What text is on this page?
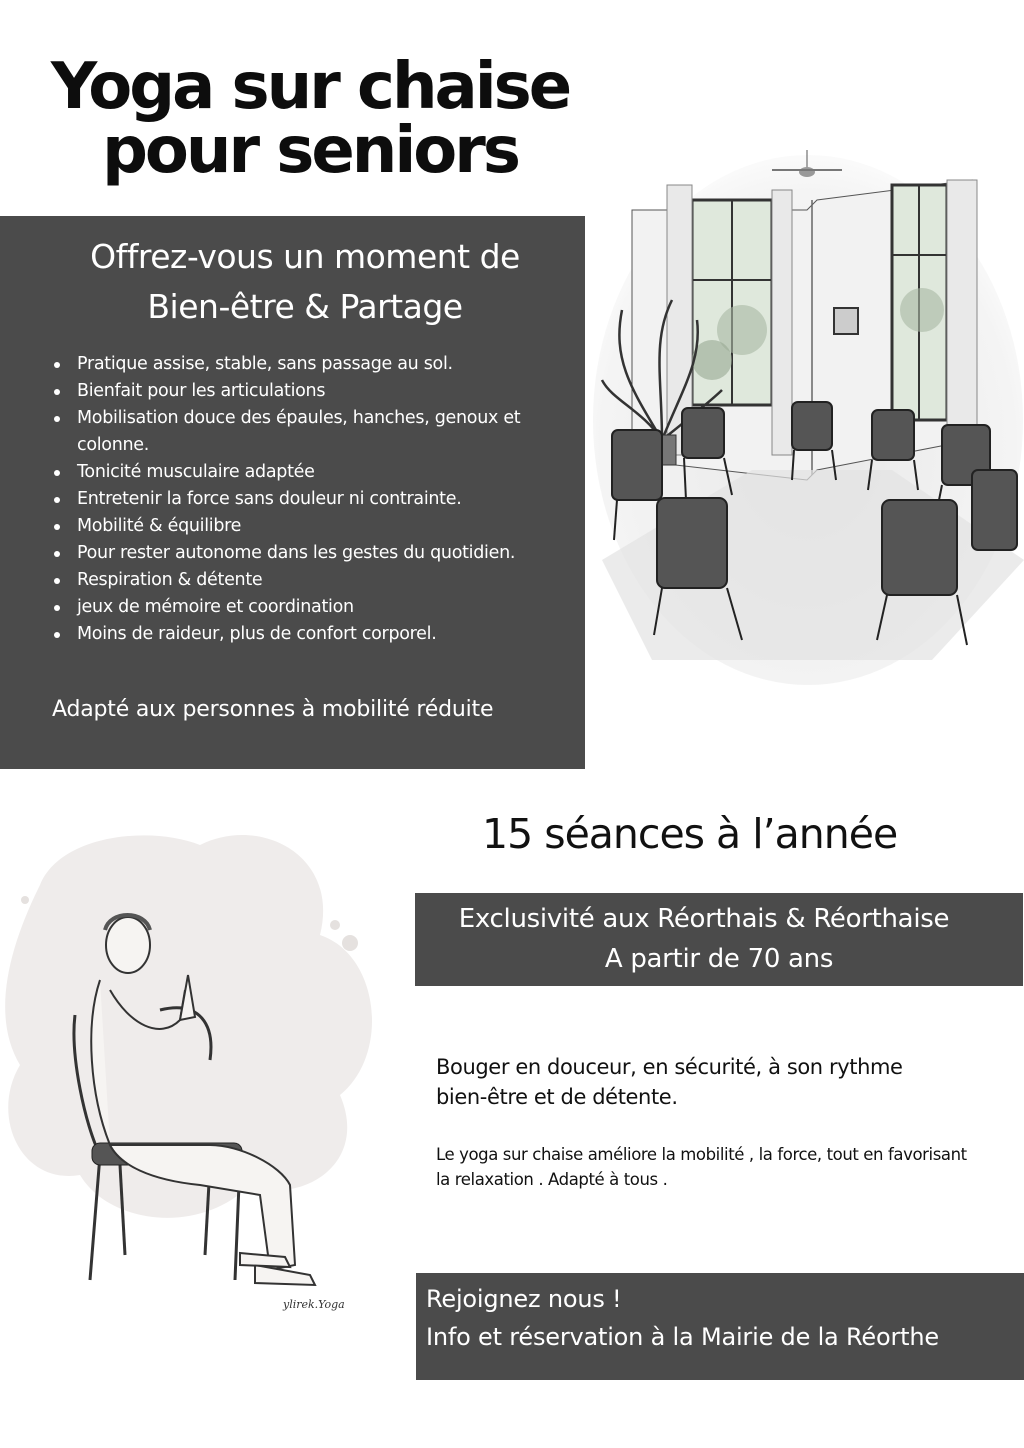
Yoga sur chaise
pour seniors
Offrez-vous un moment de
Bien-être & Partage
Pratique assise, stable, sans passage au sol.
Bienfait pour les articulations
Mobilisation douce des épaules, hanches, genoux et colonne.
Tonicité musculaire adaptée
Entretenir la force sans douleur ni contrainte.
Mobilité & équilibre
Pour rester autonome dans les gestes du quotidien.
Respiration & détente
jeux de mémoire et coordination
Moins de raideur, plus de confort corporel.
Adapté aux personnes à mobilité réduite
15 séances à l’année
Exclusivité aux Réorthais & Réorthaise
A partir de 70 ans
Bouger en douceur, en sécurité, à son rythme
bien-être et de détente.
Le yoga sur chaise améliore la mobilité , la force, tout en favorisant la relaxation . Adapté à tous .
Rejoignez nous !
Info et réservation à la Mairie de la Réorthe
ylirek.Yoga
